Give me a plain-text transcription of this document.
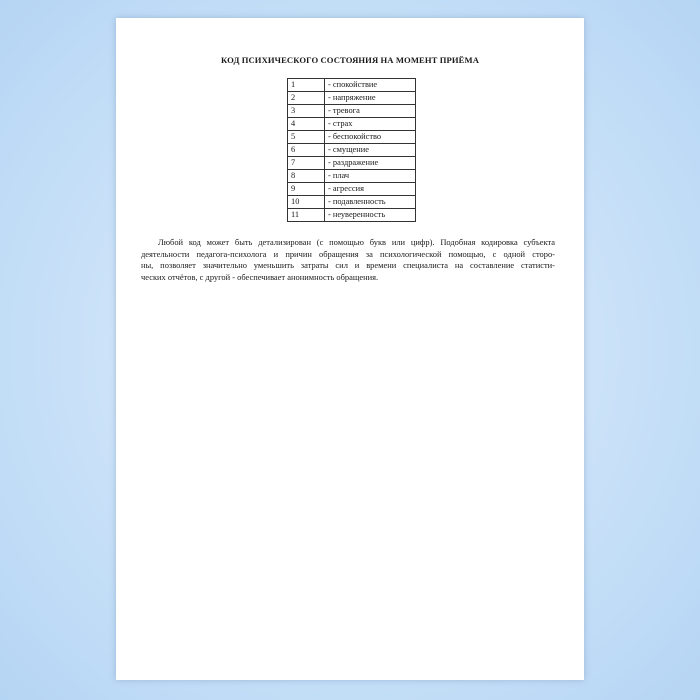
КОД ПСИХИЧЕСКОГО СОСТОЯНИЯ НА МОМЕНТ ПРИЁМА
1	- спокойствие
2	- напряжение
3	- тревога
4	- страх
5	- беспокойство
6	- смущение
7	- раздражение
8	- плач
9	- агрессия
10	- подавленность
11	- неуверенность

Любой код может быть детализирован (с помощью букв или цифр). Подобная кодировка субъекта
деятельности педагога-психолога и причин обращения за психологической помощью, с одной сторо-
ны, позволяет значительно уменьшить затраты сил и времени специалиста на составление статисти-
ческих отчётов, с другой - обеспечивает анонимность обращения.
